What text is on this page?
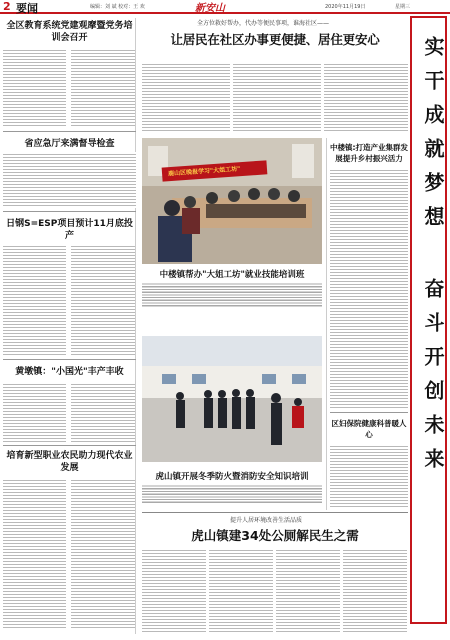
2 要闻	编辑：刘 斌 校对：王 欢	新安山	2020年11月19日	星期三
全区教育系统党建观摩暨党务培训会召开
省应急厅来满督导检查
日钢S=ESP项目预计11月底投产
黄墩镇："小国光"丰产丰收
培育新型职业农民助力现代农业发展
全方位救好帮办，代办等便民事项，谁海社区——
让居民在社区办事更便捷、居住更安心	实干成就梦想 奋斗开创未来
鹿山区晚报学习"大姐工坊"
中楼镇帮办"大姐工坊"就业技能培训班
虎山镇开展冬季防火暨消防安全知识培训
中楼镇:打造产业集群发展提升乡村振兴活力
区妇保院健康科普暖人心
提升人居环境改善生活品质
虎山镇建34处公厕解民生之需
